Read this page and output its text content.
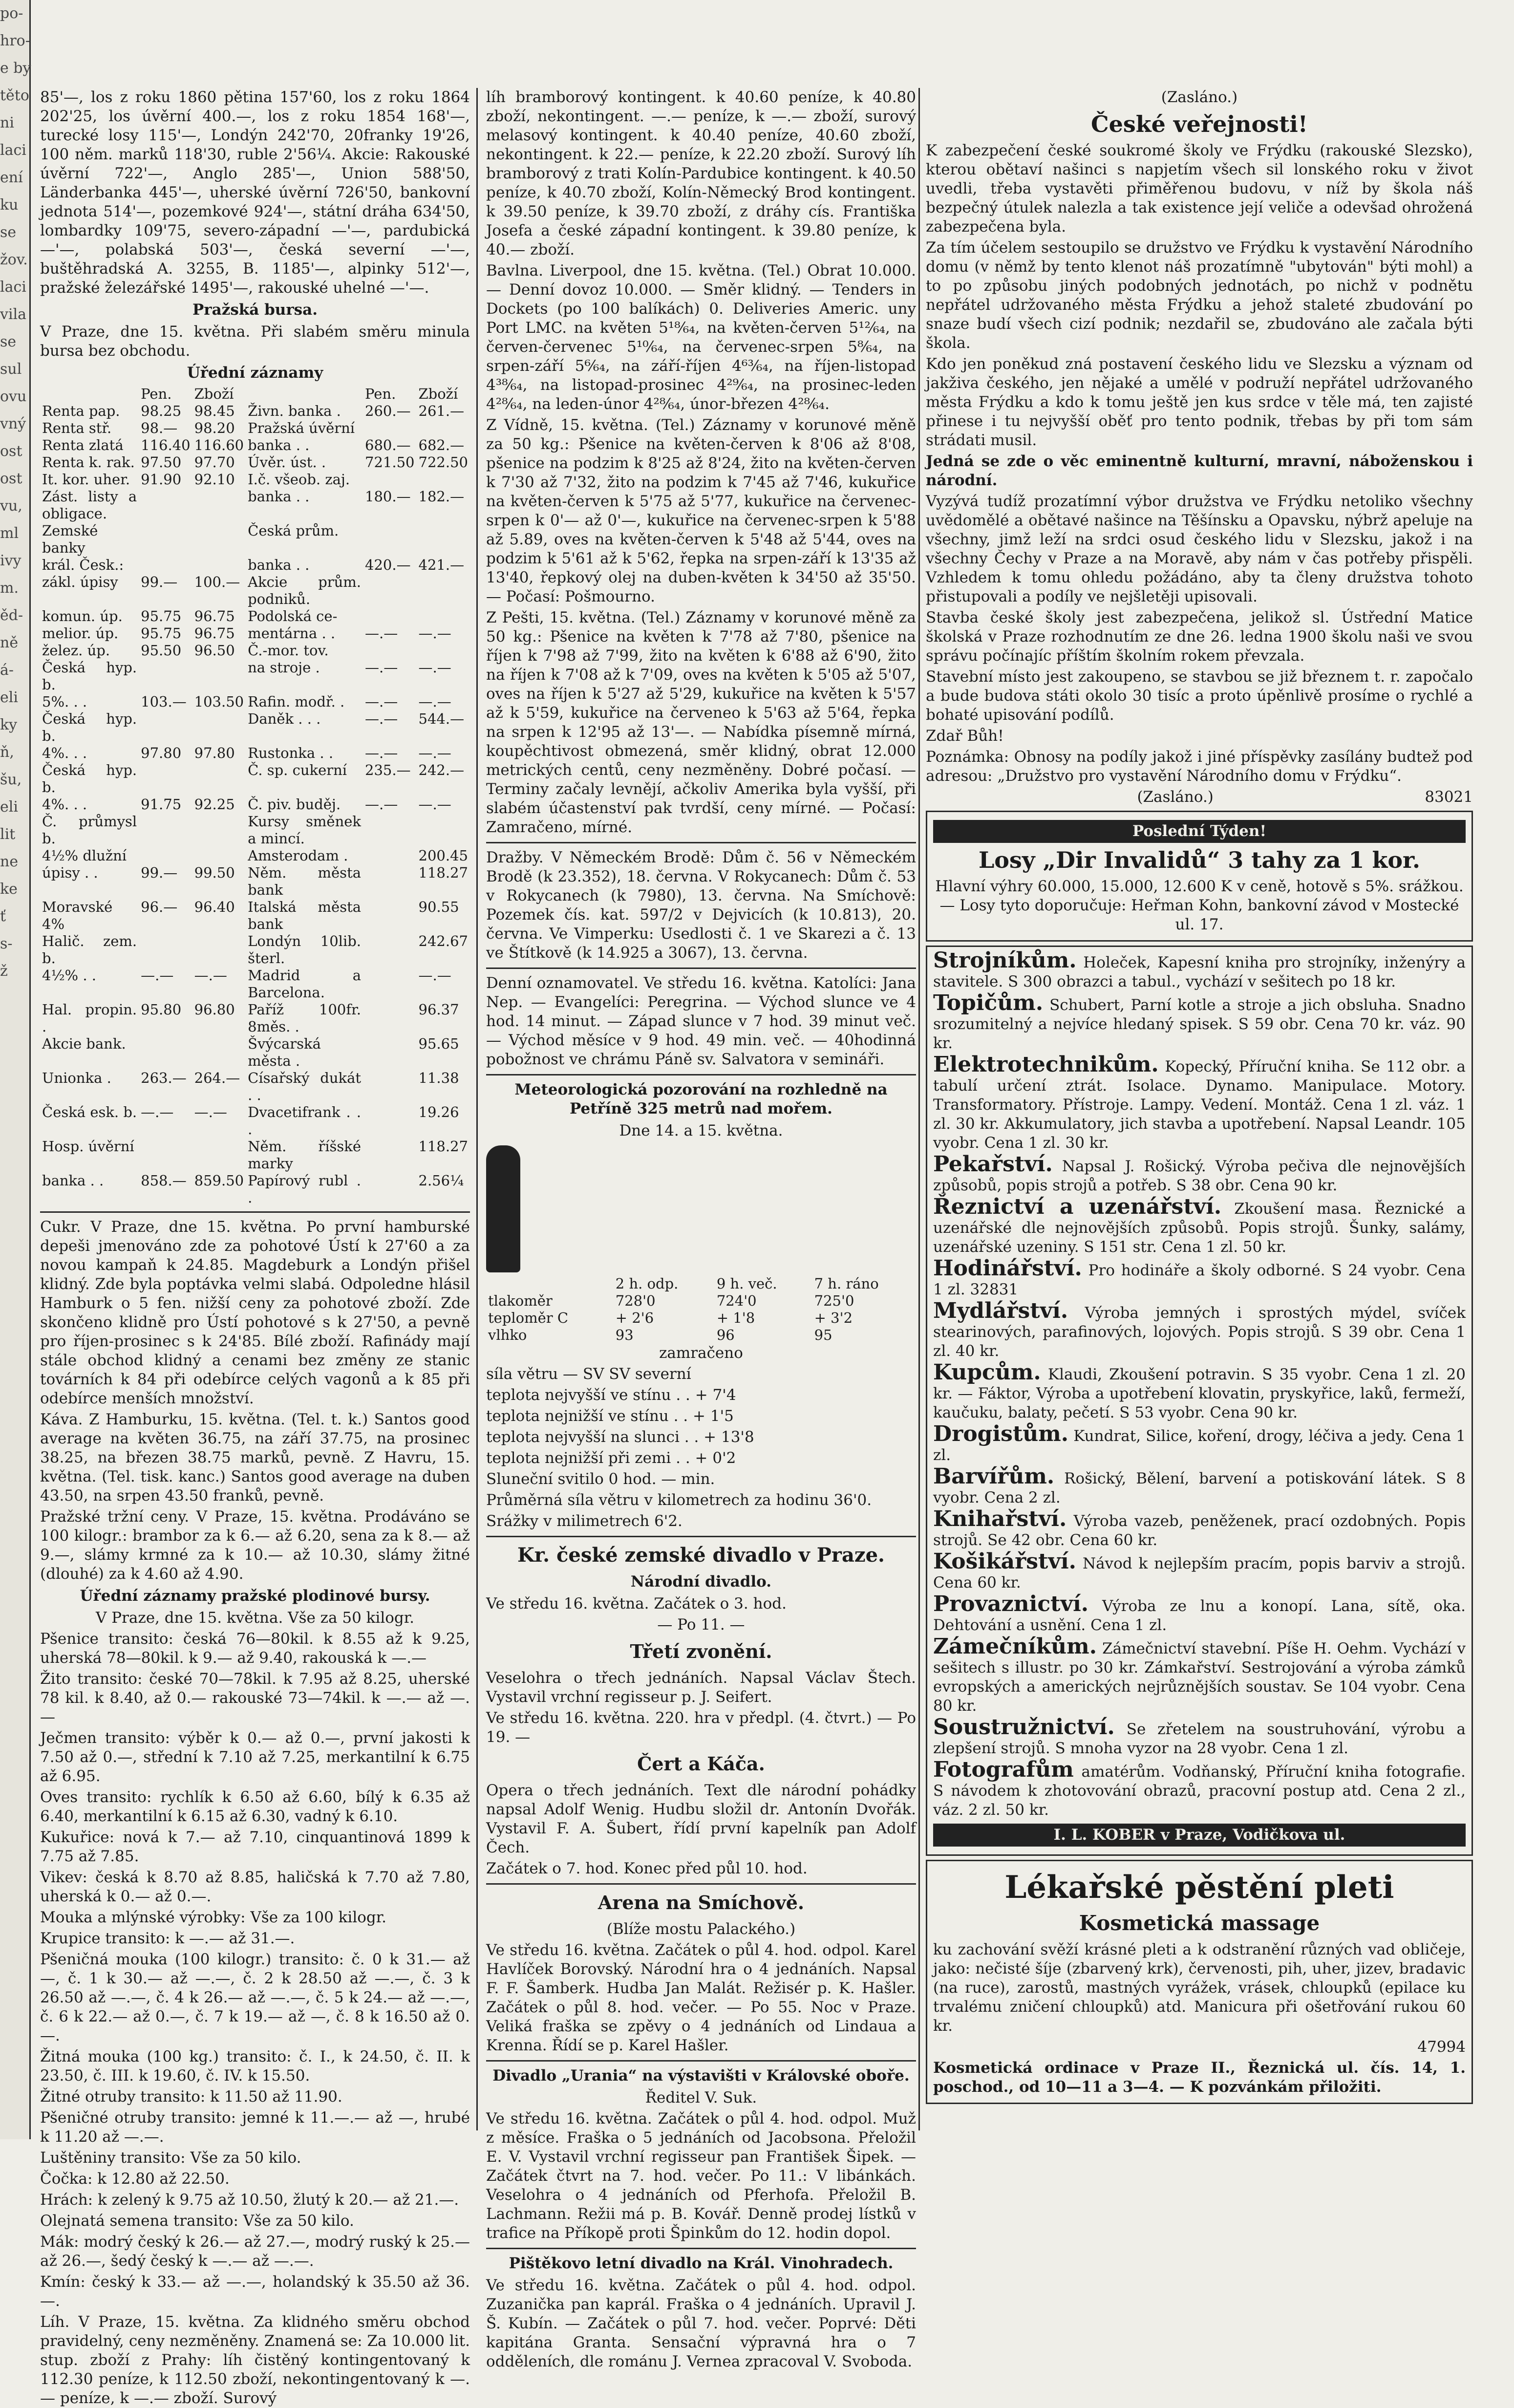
po-
hro-
e by
těto
ni
laci
ení
ku
se
žov.
laci
vila
se
sul
ovu
vný
ost
ost
vu,
ml
ivy
m.
ěd-
ně
á-
eli
ky
ň,
šu,
eli
lit
ne
ke
ť
s-
ž

85'—, los z roku 1860 pětina 157'60, los z roku 1864 202'25, los úvěrní 400.—, los z roku 1854 168'—, turecké losy 115'—, Londýn 242'70, 20franky 19'26, 100 něm. marků 118'30, ruble 2'56¼. Akcie: Rakouské úvěrní 722'—, Anglo 285'—, Union 588'50, Länderbanka 445'—, uherské úvěrní 726'50, bankovní jednota 514'—, pozemkové 924'—, státní dráha 634'50, lombardky 109'75, severo-západní —'—, pardubická —'—, polabská 503'—, česká severní —'—, buštěhradská A. 3255, B. 1185'—, alpinky 512'—, pražské železářské 1495'—, rakouské uhelné —'—.

Pražská bursa.

V Praze, dne 15. května. Při slabém směru minula bursa bez obchodu.

Úřední záznamy

	Pen.	Zboží		Pen.	Zboží
Renta pap.	98.25	98.45	Živn. banka .	260.—	261.—
Renta stř.	98.—	98.20	Pražská úvěrní		
Renta zlatá	116.40	116.60	banka . .	680.—	682.—
Renta k. rak.	97.50	97.70	Úvěr. úst. .	721.50	722.50
It. kor. uher.	91.90	92.10	I.č. všeob. zaj.		
Zást. listy a obligace.			banka . .	180.—	182.—
Zemské banky			Česká prům.		
král. Česk.:			banka . .	420.—	421.—
zákl. úpisy	99.—	100.—	Akcie prům. podniků.		
komun. úp.	95.75	96.75	Podolská ce-		
melior. úp.	95.75	96.75	mentárna . .	—.—	—.—
želez. úp.	95.50	96.50	Č.-mor. tov.		
Česká hyp. b.			na stroje .	—.—	—.—
5%. . .	103.—	103.50	Rafin. modř. .	—.—	—.—
Česká hyp. b.			Daněk . . .	—.—	544.—
4%. . .	97.80	97.80	Rustonka . .	—.—	—.—
Česká hyp. b.			Č. sp. cukerní	235.—	242.—
4%. . .	91.75	92.25	Č. piv. buděj.	—.—	—.—
Č. průmysl b.			Kursy směnek a mincí.		
4½% dlužní			Amsterodam .		200.45
úpisy . .	99.—	99.50	Něm. města bank		118.27
Moravské 4%	96.—	96.40	Italská města bank		90.55
Halič. zem. b.			Londýn 10lib. šterl.		242.67
4½% . .	—.—	—.—	Madrid a Barcelona.		—.—
Hal. propin. .	95.80	96.80	Paříž 100fr. 8měs. .		96.37
Akcie bank.			Švýcarská města .		95.65
Unionka .	263.—	264.—	Císařský dukát . .		11.38
Česká esk. b.	—.—	—.—	Dvacetifrank . . .		19.26
Hosp. úvěrní			Něm. říšské marky		118.27
banka . .	858.—	859.50	Papírový rubl . .		2.56¼

Cukr. V Praze, dne 15. května. Po první hamburské depeši jmenováno zde za pohotové Ústí k 27'60 a za novou kampaň k 24.85. Magdeburk a Londýn přišel klidný. Zde byla poptávka velmi slabá. Odpoledne hlásil Hamburk o 5 fen. nižší ceny za pohotové zboží. Zde skončeno klidně pro Ústí pohotové s k 27'50, a pevně pro říjen-prosinec s k 24'85. Bílé zboží. Rafinády mají stále obchod klidný a cenami bez změny ze stanic továrních k 84 při odebírce celých vagonů a k 85 při odebírce menších množství.

Káva. Z Hamburku, 15. května. (Tel. t. k.) Santos good average na květen 36.75, na září 37.75, na prosinec 38.25, na březen 38.75 marků, pevně. Z Havru, 15. května. (Tel. tisk. kanc.) Santos good average na duben 43.50, na srpen 43.50 franků, pevně.

Pražské tržní ceny. V Praze, 15. května. Prodáváno se 100 kilogr.: brambor za k 6.— až 6.20, sena za k 8.— až 9.—, slámy krmné za k 10.— až 10.30, slámy žitné (dlouhé) za k 4.60 až 4.90.

Úřední záznamy pražské plodinové bursy.

V Praze, dne 15. května. Vše za 50 kilogr.

Pšenice transito: česká 76—80kil. k 8.55 až k 9.25, uherská 78—80kil. k 9.— až 9.40, rakouská k —.—

Žito transito: české 70—78kil. k 7.95 až 8.25, uherské 78 kil. k 8.40, až 0.— rakouské 73—74kil. k —.— až —.—

Ječmen transito: výběr k 0.— až 0.—, první jakosti k 7.50 až 0.—, střední k 7.10 až 7.25, merkantilní k 6.75 až 6.95.

Oves transito: rychlík k 6.50 až 6.60, bílý k 6.35 až 6.40, merkantilní k 6.15 až 6.30, vadný k 6.10.

Kukuřice: nová k 7.— až 7.10, cinquantinová 1899 k 7.75 až 7.85.

Vikev: česká k 8.70 až 8.85, haličská k 7.70 až 7.80, uherská k 0.— až 0.—.

Mouka a mlýnské výrobky: Vše za 100 kilogr.

Krupice transito: k —.— až 31.—.

Pšeničná mouka (100 kilogr.) transito: č. 0 k 31.— až —, č. 1 k 30.— až —.—, č. 2 k 28.50 až —.—, č. 3 k 26.50 až —.—, č. 4 k 26.— až —.—, č. 5 k 24.— až —.—, č. 6 k 22.— až 0.—, č. 7 k 19.— až —, č. 8 k 16.50 až 0.—.

Žitná mouka (100 kg.) transito: č. I., k 24.50, č. II. k 23.50, č. III. k 19.60, č. IV. k 15.50.

Žitné otruby transito: k 11.50 až 11.90.

Pšeničné otruby transito: jemné k 11.—.— až —, hrubé k 11.20 až —.—.

Luštěniny transito: Vše za 50 kilo.

Čočka: k 12.80 až 22.50.

Hrách: k zelený k 9.75 až 10.50, žlutý k 20.— až 21.—.

Olejnatá semena transito: Vše za 50 kilo.

Mák: modrý český k 26.— až 27.—, modrý ruský k 25.— až 26.—, šedý český k —.— až —.—.

Kmín: český k 33.— až —.—, holandský k 35.50 až 36.—.

Líh. V Praze, 15. května. Za klidného směru obchod pravidelný, ceny nezměněny. Znamená se: Za 10.000 lit. stup. zboží z Prahy: líh čistěný kontingentovaný k 112.30 peníze, k 112.50 zboží, nekontingentovaný k —.— peníze, k —.— zboží. Surový

líh bramborový kontingent. k 40.60 peníze, k 40.80 zboží, nekontingent. —.— peníze, k —.— zboží, surový melasový kontingent. k 40.40 peníze, 40.60 zboží, nekontingent. k 22.— peníze, k 22.20 zboží. Surový líh bramborový z trati Kolín-Pardubice kontingent. k 40.50 peníze, k 40.70 zboží, Kolín-Německý Brod kontingent. k 39.50 peníze, k 39.70 zboží, z dráhy cís. Františka Josefa a české západní kontingent. k 39.80 peníze, k 40.— zboží.

Bavlna. Liverpool, dne 15. května. (Tel.) Obrat 10.000. — Denní dovoz 10.000. — Směr klidný. — Tenders in Dockets (po 100 balíkách) 0. Deliveries Americ. uny Port LMC. na květen 5¹⁸⁄₆₄, na květen-červen 5¹²⁄₆₄, na červen-červenec 5¹⁰⁄₆₄, na červenec-srpen 5⁸⁄₆₄, na srpen-září 5⁶⁄₆₄, na září-říjen 4⁶³⁄₆₄, na říjen-listopad 4³⁸⁄₆₄, na listopad-prosinec 4²⁹⁄₆₄, na prosinec-leden 4²⁸⁄₆₄, na leden-únor 4²⁸⁄₆₄, únor-březen 4²⁸⁄₆₄.

Z Vídně, 15. května. (Tel.) Záznamy v korunové měně za 50 kg.: Pšenice na květen-červen k 8'06 až 8'08, pšenice na podzim k 8'25 až 8'24, žito na květen-červen k 7'30 až 7'32, žito na podzim k 7'45 až 7'46, kukuřice na květen-červen k 5'75 až 5'77, kukuřice na červenec-srpen k 0'— až 0'—, kukuřice na červenec-srpen k 5'88 až 5.89, oves na květen-červen k 5'48 až 5'44, oves na podzim k 5'61 až k 5'62, řepka na srpen-září k 13'35 až 13'40, řepkový olej na duben-květen k 34'50 až 35'50. — Počasí: Pošmourno.

Z Pešti, 15. května. (Tel.) Záznamy v korunové měně za 50 kg.: Pšenice na květen k 7'78 až 7'80, pšenice na říjen k 7'98 až 7'99, žito na květen k 6'88 až 6'90, žito na říjen k 7'08 až k 7'09, oves na květen k 5'05 až 5'07, oves na říjen k 5'27 až 5'29, kukuřice na květen k 5'57 až k 5'59, kukuřice na červeneo k 5'63 až 5'64, řepka na srpen k 12'95 až 13'—. — Nabídka písemně mírná, koupěchtivost obmezená, směr klidný, obrat 12.000 metrických centů, ceny nezměněny. Dobré počasí. — Terminy začaly levnějí, ačkoliv Amerika byla vyšší, při slabém účastenství pak tvrdší, ceny mírné. — Počasí: Zamračeno, mírné.

Dražby. V Německém Brodě: Dům č. 56 v Německém Brodě (k 23.352), 18. června. V Rokycanech: Dům č. 53 v Rokycanech (k 7980), 13. června. Na Smíchově: Pozemek čís. kat. 597/2 v Dejvicích (k 10.813), 20. června. Ve Vimperku: Usedlosti č. 1 ve Skarezi a č. 13 ve Štítkově (k 14.925 a 3067), 13. června.

Denní oznamovatel. Ve středu 16. května. Katolíci: Jana Nep. — Evangelíci: Peregrina. — Východ slunce ve 4 hod. 14 minut. — Západ slunce v 7 hod. 39 minut več. — Východ měsíce v 9 hod. 49 min. več. — 40hodinná pobožnost ve chrámu Páně sv. Salvatora v semináři.

Meteorologická pozorování na rozhledně na Petříně 325 metrů nad mořem.

Dne 14. a 15. května.

	2 h. odp.	9 h. več.	7 h. ráno
tlakoměr	728'0	724'0	725'0
teploměr C	+ 2'6	+ 1'8	+ 3'2
vlhko	93	96	95

zamračeno

síla větru — SV SV severní

teplota nejvyšší ve stínu . . + 7'4

teplota nejnižší ve stínu . . + 1'5

teplota nejvyšší na slunci . . + 13'8

teplota nejnižší při zemi . . + 0'2

Sluneční svitilo 0 hod. — min.

Průměrná síla větru v kilometrech za hodinu 36'0.

Srážky v milimetrech 6'2.

Kr. české zemské divadlo v Praze.

Národní divadlo.

Ve středu 16. května. Začátek o 3. hod.

— Po 11. —

Třetí zvonění.

Veselohra o třech jednáních. Napsal Václav Štech. Vystavil vrchní regisseur p. J. Seifert.

Ve středu 16. května. 220. hra v předpl. (4. čtvrt.) — Po 19. —

Čert a Káča.

Opera o třech jednáních. Text dle národní pohádky napsal Adolf Wenig. Hudbu složil dr. Antonín Dvořák. Vystavil F. A. Šubert, řídí první kapelník pan Adolf Čech.

Začátek o 7. hod. Konec před půl 10. hod.

Arena na Smíchově.

(Blíže mostu Palackého.)

Ve středu 16. května. Začátek o půl 4. hod. odpol. Karel Havlíček Borovský. Národní hra o 4 jednáních. Napsal F. F. Šamberk. Hudba Jan Malát. Režisér p. K. Hašler. Začátek o půl 8. hod. večer. — Po 55. Noc v Praze. Veliká fraška se zpěvy o 4 jednáních od Lindaua a Krenna. Řídí se p. Karel Hašler.

Divadlo „Urania“ na výstavišti v Královské oboře.

Ředitel V. Suk.

Ve středu 16. května. Začátek o půl 4. hod. odpol. Muž z měsíce. Fraška o 5 jednáních od Jacobsona. Přeložil E. V. Vystavil vrchní regisseur pan František Šipek. — Začátek čtvrt na 7. hod. večer. Po 11.: V libánkách. Veselohra o 4 jednáních od Pferhofa. Přeložil B. Lachmann. Režii má p. B. Kovář. Denně prodej lístků v trafice na Příkopě proti Špinkům do 12. hodin dopol.

Pištěkovo letní divadlo na Král. Vinohradech.

Ve středu 16. května. Začátek o půl 4. hod. odpol. Zuzanička pan kaprál. Fraška o 4 jednáních. Upravil J. Š. Kubín. — Začátek o půl 7. hod. večer. Poprvé: Děti kapitána Granta. Sensační výpravná hra o 7 odděleních, dle románu J. Vernea zpracoval V. Svoboda.

(Zasláno.)

České veřejnosti!

K zabezpečení české soukromé školy ve Frýdku (rakouské Slezsko), kterou obětaví našinci s napjetím všech sil lonského roku v život uvedli, třeba vystavěti přiměřenou budovu, v níž by škola náš bezpečný útulek nalezla a tak existence její veliče a odevšad ohrožená zabezpečena byla.

Za tím účelem sestoupilo se družstvo ve Frýdku k vystavění Národního domu (v němž by tento klenot náš prozatímně "ubytován" býti mohl) a to po způsobu jiných podobných jednotách, po nichž v podnětu nepřátel udržovaného města Frýdku a jehož staleté zbudování po snaze budí všech cizí podnik; nezdařil se, zbudováno ale začala býti škola.

Kdo jen poněkud zná postavení českého lidu ve Slezsku a význam od jakživa českého, jen nějaké a umělé v podruží nepřátel udržovaného města Frýdku a kdo k tomu ještě jen kus srdce v těle má, ten zajisté přinese i tu nejvyšší oběť pro tento podnik, třebas by při tom sám strádati musil.

Jedná se zde o věc eminentně kulturní, mravní, náboženskou i národní.

Vyzývá tudíž prozatímní výbor družstva ve Frýdku netoliko všechny uvědomělé a obětavé našince na Těšínsku a Opavsku, nýbrž apeluje na všechny, jimž leží na srdci osud českého lidu v Slezsku, jakož i na všechny Čechy v Praze a na Moravě, aby nám v čas potřeby přispěli. Vzhledem k tomu ohledu požádáno, aby ta členy družstva tohoto přistupovali a podíly ve nejšletěji upisovali.

Stavba české školy jest zabezpečena, jelikož sl. Ústřední Matice školská v Praze rozhodnutím ze dne 26. ledna 1900 školu naši ve svou správu počínajíc příštím školním rokem převzala.

Stavební místo jest zakoupeno, se stavbou se již březnem t. r. započalo a bude budova státi okolo 30 tisíc a proto úpěnlivě prosíme o rychlé a bohaté upisování podílů.

Zdař Bůh!

Poznámka: Obnosy na podíly jakož i jiné příspěvky zasílány budtež pod adresou: „Družstvo pro vystavění Národního domu v Frýdku“.

(Zasláno.)	83021

Poslední Týden!

Losy „Dir Invalidů“ 3 tahy za 1 kor.

Hlavní výhry 60.000, 15.000, 12.600 K v ceně, hotově s 5%. srážkou. — Losy tyto doporučuje: Heřman Kohn, bankovní závod v Mostecké ul. 17.

Strojníkům. Holeček, Kapesní kniha pro strojníky, inženýry a stavitele. S 300 obrazci a tabul., vychází v sešitech po 18 kr.

Topičům. Schubert, Parní kotle a stroje a jich obsluha. Snadno srozumitelný a nejvíce hledaný spisek. S 59 obr. Cena 70 kr. váz. 90 kr.

Elektrotechnikům. Kopecký, Příruční kniha. Se 112 obr. a tabulí určení ztrát. Isolace. Dynamo. Manipulace. Motory. Transformatory. Přístroje. Lampy. Vedení. Montáž. Cena 1 zl. váz. 1 zl. 30 kr. Akkumulatory, jich stavba a upotřebení. Napsal Leandr. 105 vyobr. Cena 1 zl. 30 kr.

Pekařství. Napsal J. Rošický. Výroba pečiva dle nejnovějších způsobů, popis strojů a potřeb. S 38 obr. Cena 90 kr.

Řeznictví a uzenářství. Zkoušení masa. Řeznické a uzenářské dle nejnovějších způsobů. Popis strojů. Šunky, salámy, uzenářské uzeniny. S 151 str. Cena 1 zl. 50 kr.

Hodinářství. Pro hodináře a školy odborné. S 24 vyobr. Cena 1 zl. 32831

Mydlářství. Výroba jemných i sprostých mýdel, svíček stearinových, parafinových, lojových. Popis strojů. S 39 obr. Cena 1 zl. 40 kr.

Kupcům. Klaudi, Zkoušení potravin. S 35 vyobr. Cena 1 zl. 20 kr. — Fáktor, Výroba a upotřebení klovatin, pryskyřice, laků, fermeží, kaučuku, balaty, pečetí. S 53 vyobr. Cena 90 kr.

Drogistům. Kundrat, Silice, koření, drogy, léčiva a jedy. Cena 1 zl.

Barvířům. Rošický, Bělení, barvení a potiskování látek. S 8 vyobr. Cena 2 zl.

Knihařství. Výroba vazeb, peněženek, prací ozdobných. Popis strojů. Se 42 obr. Cena 60 kr.

Košikářství. Návod k nejlepším pracím, popis barviv a strojů. Cena 60 kr.

Provaznictví. Výroba ze lnu a konopí. Lana, sítě, oka. Dehtování a usnění. Cena 1 zl.

Zámečníkům. Zámečnictví stavební. Píše H. Oehm. Vychází v sešitech s illustr. po 30 kr. Zámkařství. Sestrojování a výroba zámků evropských a amerických nejrůznějších soustav. Se 104 vyobr. Cena 80 kr.

Soustružnictví. Se zřetelem na soustruhování, výrobu a zlepšení strojů. S mnoha vyzor na 28 vyobr. Cena 1 zl.

Fotografům amatérům. Vodňanský, Příruční kniha fotografie. S návodem k zhotovování obrazů, pracovní postup atd. Cena 2 zl., váz. 2 zl. 50 kr.

I. L. KOBER v Praze, Vodičkova ul.

Lékařské pěstění pleti

Kosmetická massage

ku zachování svěží krásné pleti a k odstranění různých vad obličeje, jako: nečisté šíje (zbarvený krk), červenosti, pih, uher, jizev, bradavic (na ruce), zarostů, mastných vyrážek, vrásek, chloupků (epilace ku trvalému zničení chloupků) atd. Manicura při ošetřování rukou 60 kr.

47994

Kosmetická ordinace v Praze II., Řeznická ul. čís. 14, 1. poschod., od 10—11 a 3—4. — K pozvánkám přiložiti.
